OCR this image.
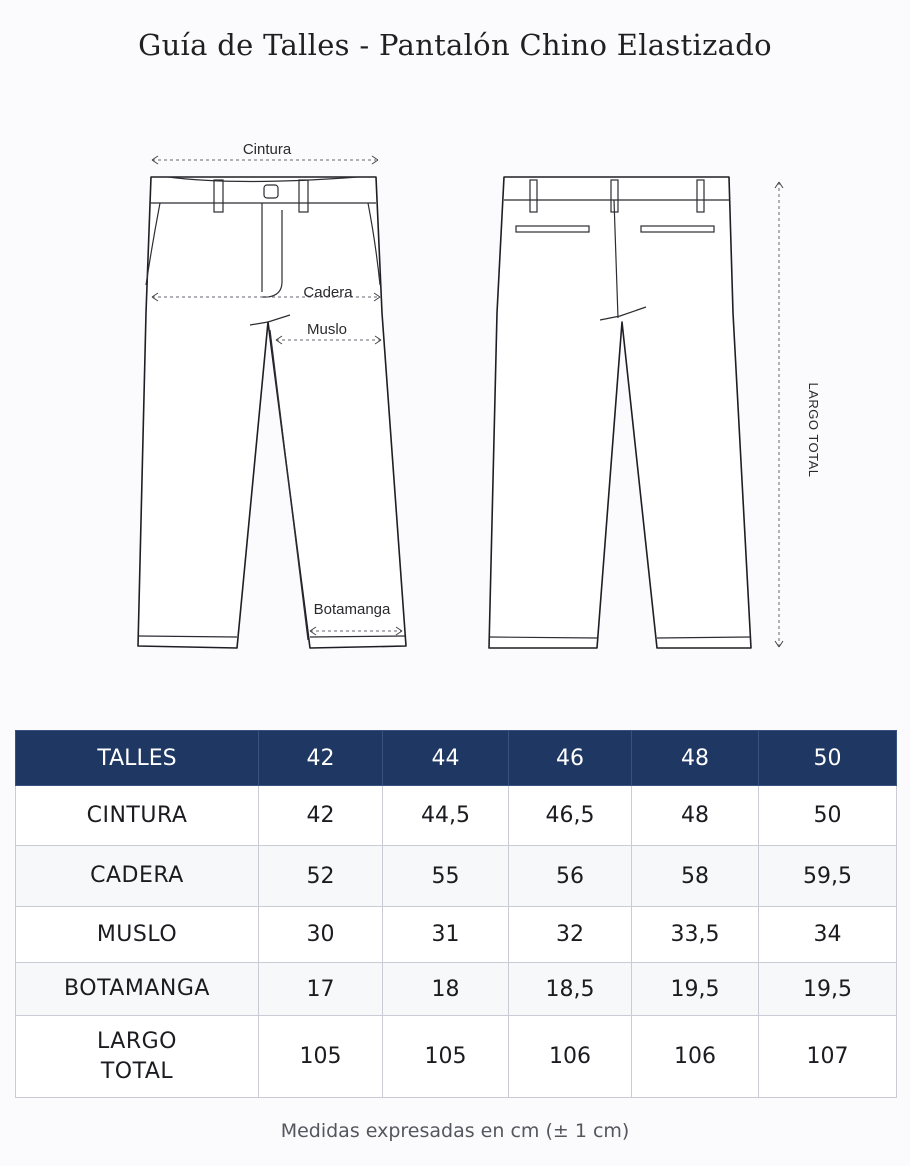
Guía de Talles - Pantalón Chino Elastizado
Cintura
Cadera
Muslo
Botamanga
LARGO TOTAL
TALLES	42	44	46	48	50
CINTURA	42	44,5	46,5	48	50
CADERA	52	55	56	58	59,5
MUSLO	30	31	32	33,5	34
BOTAMANGA	17	18	18,5	19,5	19,5
LARGO TOTAL	105	105	106	106	107
Medidas expresadas en cm (± 1 cm)
